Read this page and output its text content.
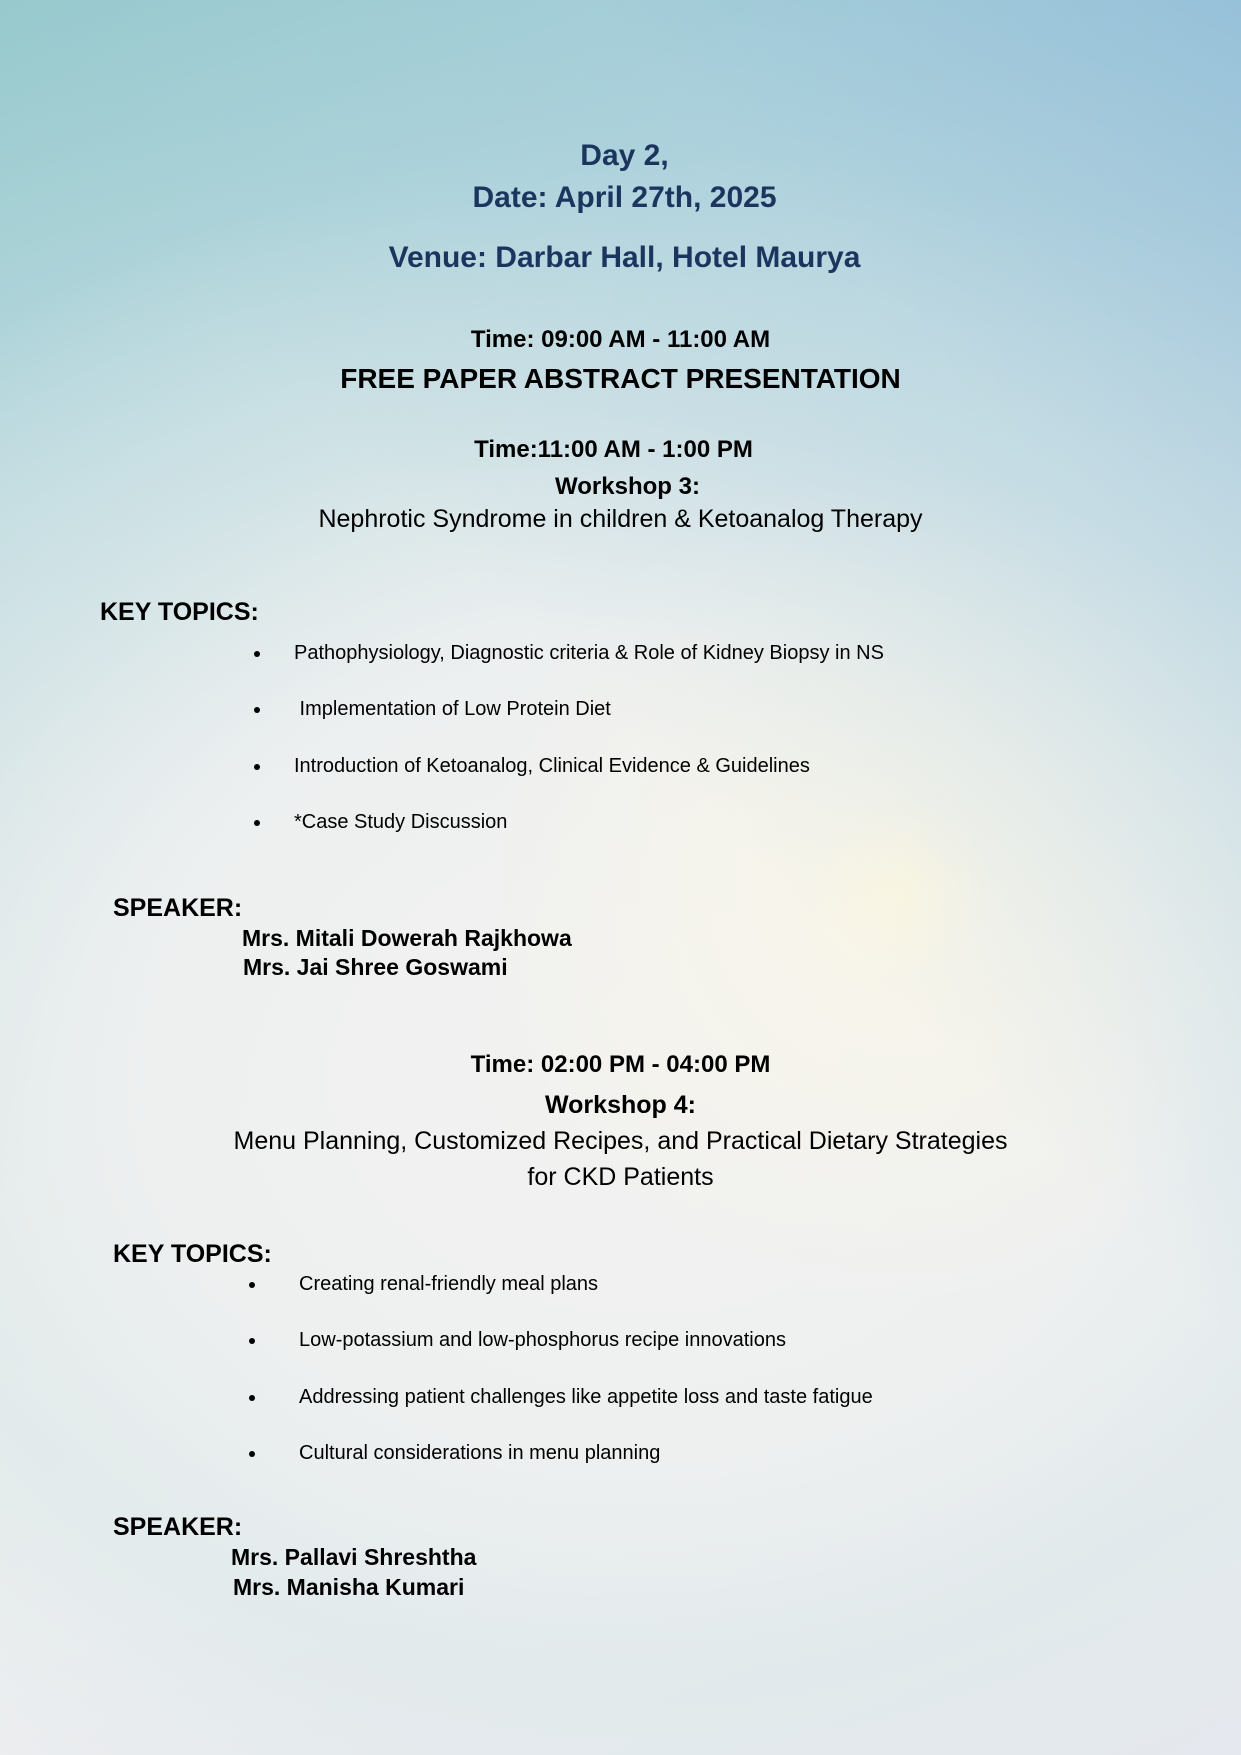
Day 2,
Date: April 27th, 2025
Venue: Darbar Hall, Hotel Maurya
Time: 09:00 AM - 11:00 AM
FREE PAPER ABSTRACT PRESENTATION
Time:11:00 AM - 1:00 PM
Workshop 3:
Nephrotic Syndrome in children & Ketoanalog Therapy
KEY TOPICS:
Pathophysiology, Diagnostic criteria & Role of Kidney Biopsy in NS
Implementation of Low Protein Diet
Introduction of Ketoanalog, Clinical Evidence & Guidelines
*Case Study Discussion
SPEAKER:
Mrs. Mitali Dowerah Rajkhowa
Mrs. Jai Shree Goswami
Time: 02:00 PM - 04:00 PM
Workshop 4:
Menu Planning, Customized Recipes, and Practical Dietary Strategies
for CKD Patients
KEY TOPICS:
Creating renal-friendly meal plans
Low-potassium and low-phosphorus recipe innovations
Addressing patient challenges like appetite loss and taste fatigue
Cultural considerations in menu planning
SPEAKER:
Mrs. Pallavi Shreshtha
Mrs. Manisha Kumari
